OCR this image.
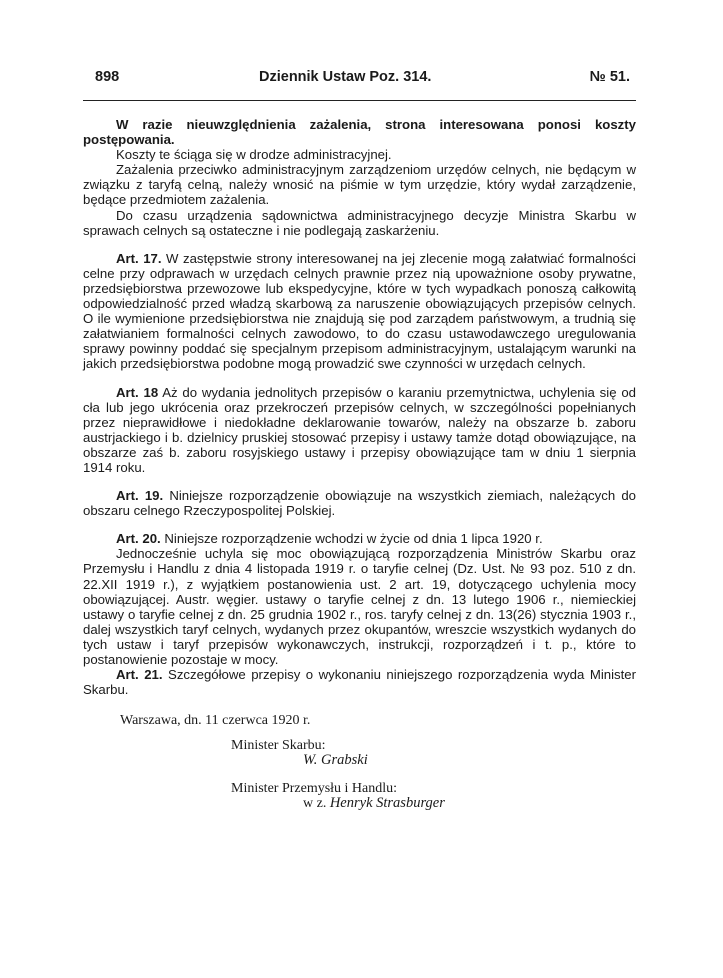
898	Dziennik Ustaw Poz. 314.	№ 51.

W razie nieuwzględnienia zażalenia, strona interesowana ponosi koszty postępowania.

Koszty te ściąga się w drodze administracyjnej.

Zażalenia przeciwko administracyjnym zarządzeniom urzędów celnych, nie będącym w związku z taryfą celną, należy wnosić na piśmie w tym urzędzie, który wydał zarządzenie, będące przedmiotem zażalenia.

Do czasu urządzenia sądownictwa administracyjnego decyzje Ministra Skarbu w sprawach celnych są ostateczne i nie podlegają zaskarżeniu.

Art. 17. W zastępstwie strony interesowanej na jej zlecenie mogą załatwiać formalności celne przy odprawach w urzędach celnych prawnie przez nią upoważnione osoby prywatne, przedsiębiorstwa przewozowe lub ekspedycyjne, które w tych wypadkach ponoszą całkowitą odpowiedzialność przed władzą skarbową za naruszenie obowiązujących przepisów celnych. O ile wymienione przedsiębiorstwa nie znajdują się pod zarządem państwowym, a trudnią się załatwianiem formalności celnych zawodowo, to do czasu ustawodawczego uregulowania sprawy powinny poddać się specjalnym przepisom administracyjnym, ustalającym warunki na jakich przedsiębiorstwa podobne mogą prowadzić swe czynności w urzędach celnych.

Art. 18 Aż do wydania jednolitych przepisów o karaniu przemytnictwa, uchylenia się od cła lub jego ukrócenia oraz przekroczeń przepisów celnych, w szczególności popełnianych przez nieprawidłowe i niedokładne deklarowanie towarów, należy na obszarze b. zaboru austrjackiego i b. dzielnicy pruskiej stosować przepisy i ustawy tamże dotąd obowiązujące, na obszarze zaś b. zaboru rosyjskiego ustawy i przepisy obowiązujące tam w dniu 1 sierpnia 1914 roku.

Art. 19. Niniejsze rozporządzenie obowiązuje na wszystkich ziemiach, należących do obszaru celnego Rzeczypospolitej Polskiej.

Art. 20. Niniejsze rozporządzenie wchodzi w życie od dnia 1 lipca 1920 r.

Jednocześnie uchyla się moc obowiązującą rozporządzenia Ministrów Skarbu oraz Przemysłu i Handlu z dnia 4 listopada 1919 r. o taryfie celnej (Dz. Ust. № 93 poz. 510 z dn. 22.XII 1919 r.), z wyjątkiem postanowienia ust. 2 art. 19, dotyczącego uchylenia mocy obowiązującej. Austr. węgier. ustawy o taryfie celnej z dn. 13 lutego 1906 r., niemieckiej ustawy o taryfie celnej z dn. 25 grudnia 1902 r., ros. taryfy celnej z dn. 13(26) stycznia 1903 r., dalej wszystkich taryf celnych, wydanych przez okupantów, wreszcie wszystkich wydanych do tych ustaw i taryf przepisów wykonawczych, instrukcji, rozporządzeń i t. p., które to postanowienie pozostaje w mocy.

Art. 21. Szczegółowe przepisy o wykonaniu niniejszego rozporządzenia wyda Minister Skarbu.

Warszawa, dn. 11 czerwca 1920 r.
Minister Skarbu:
W. Grabski
Minister Przemysłu i Handlu:
w z. Henryk Strasburger
